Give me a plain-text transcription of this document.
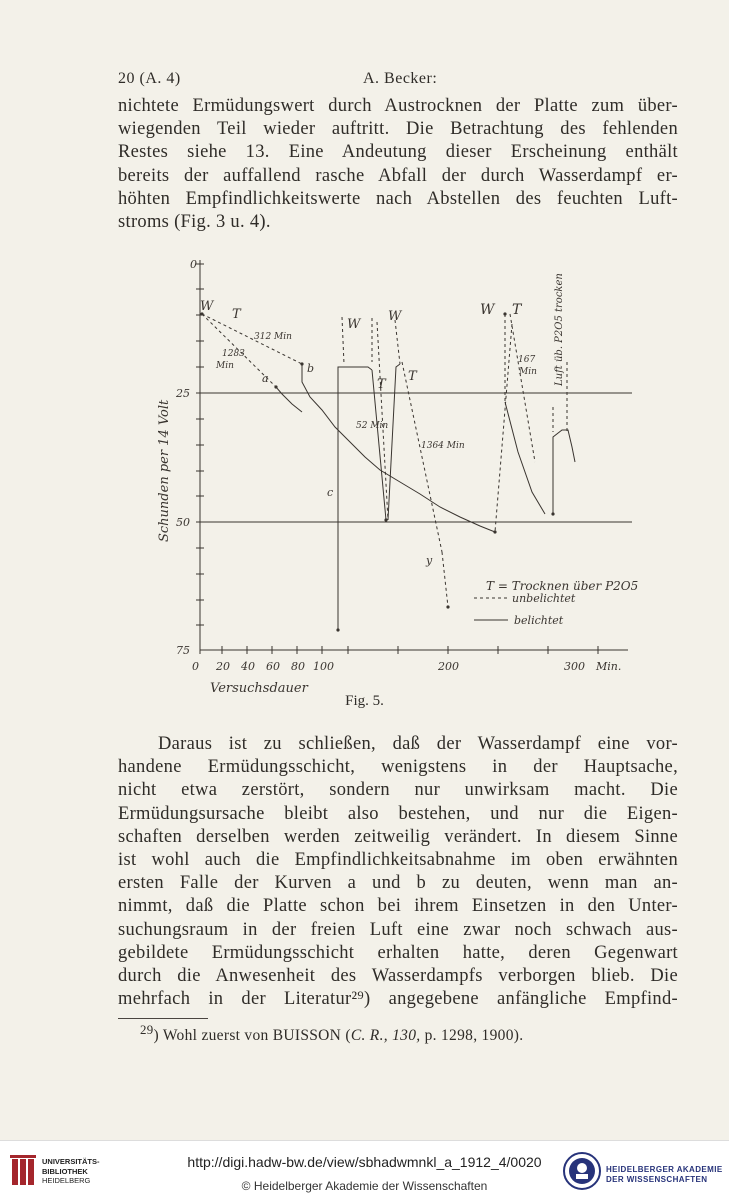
20 (A. 4)	A. Becker:
nichtete Ermüdungswert durch Austrocknen der Platte zum über-
wiegenden Teil wieder auftritt. Die Betrachtung des fehlenden
Restes siehe 13. Eine Andeutung dieser Erscheinung enthält
bereits der auffallend rasche Abfall der durch Wasserdampf er-
höhten Empfindlichkeitswerte nach Abstellen des feuchten Luft-
stroms (Fig. 3 u. 4).
0
25
50
75
0 20 40 60 80 100	200	300 Min.
Versuchsdauer
Schunden per 14 Volt
W
T
312 Min
1283
Min
a
b
W
W
T
T
52 Min
1364 Min
c
y
W T
167
Min Luft üb. P2O5 trocken
T = Trocknen über P2O5
unbelichtet
belichtet
Fig. 5.
Daraus ist zu schließen, daß der Wasserdampf eine vor-
handene Ermüdungsschicht, wenigstens in der Hauptsache,
nicht etwa zerstört, sondern nur unwirksam macht. Die
Ermüdungsursache bleibt also bestehen, und nur die Eigen-
schaften derselben werden zeitweilig verändert. In diesem Sinne
ist wohl auch die Empfindlichkeitsabnahme im oben erwähnten
ersten Falle der Kurven a und b zu deuten, wenn man an-
nimmt, daß die Platte schon bei ihrem Einsetzen in den Unter-
suchungsraum in der freien Luft eine zwar noch schwach aus-
gebildete Ermüdungsschicht erhalten hatte, deren Gegenwart
durch die Anwesenheit des Wasserdampfs verborgen blieb. Die
mehrfach in der Literatur²⁹) angegebene anfängliche Empfind-
$^{29}$) Wohl zuerst von BUISSON (C. R., 130, p. 1298, 1900).
UNIVERSITÄTS-
BIBLIOTHEK
HEIDELBERG
http://digi.hadw-bw.de/view/sbhadwmnkl_a_1912_4/0020
© Heidelberger Akademie der Wissenschaften
HEIDELBERGER AKADEMIE
DER WISSENSCHAFTEN
